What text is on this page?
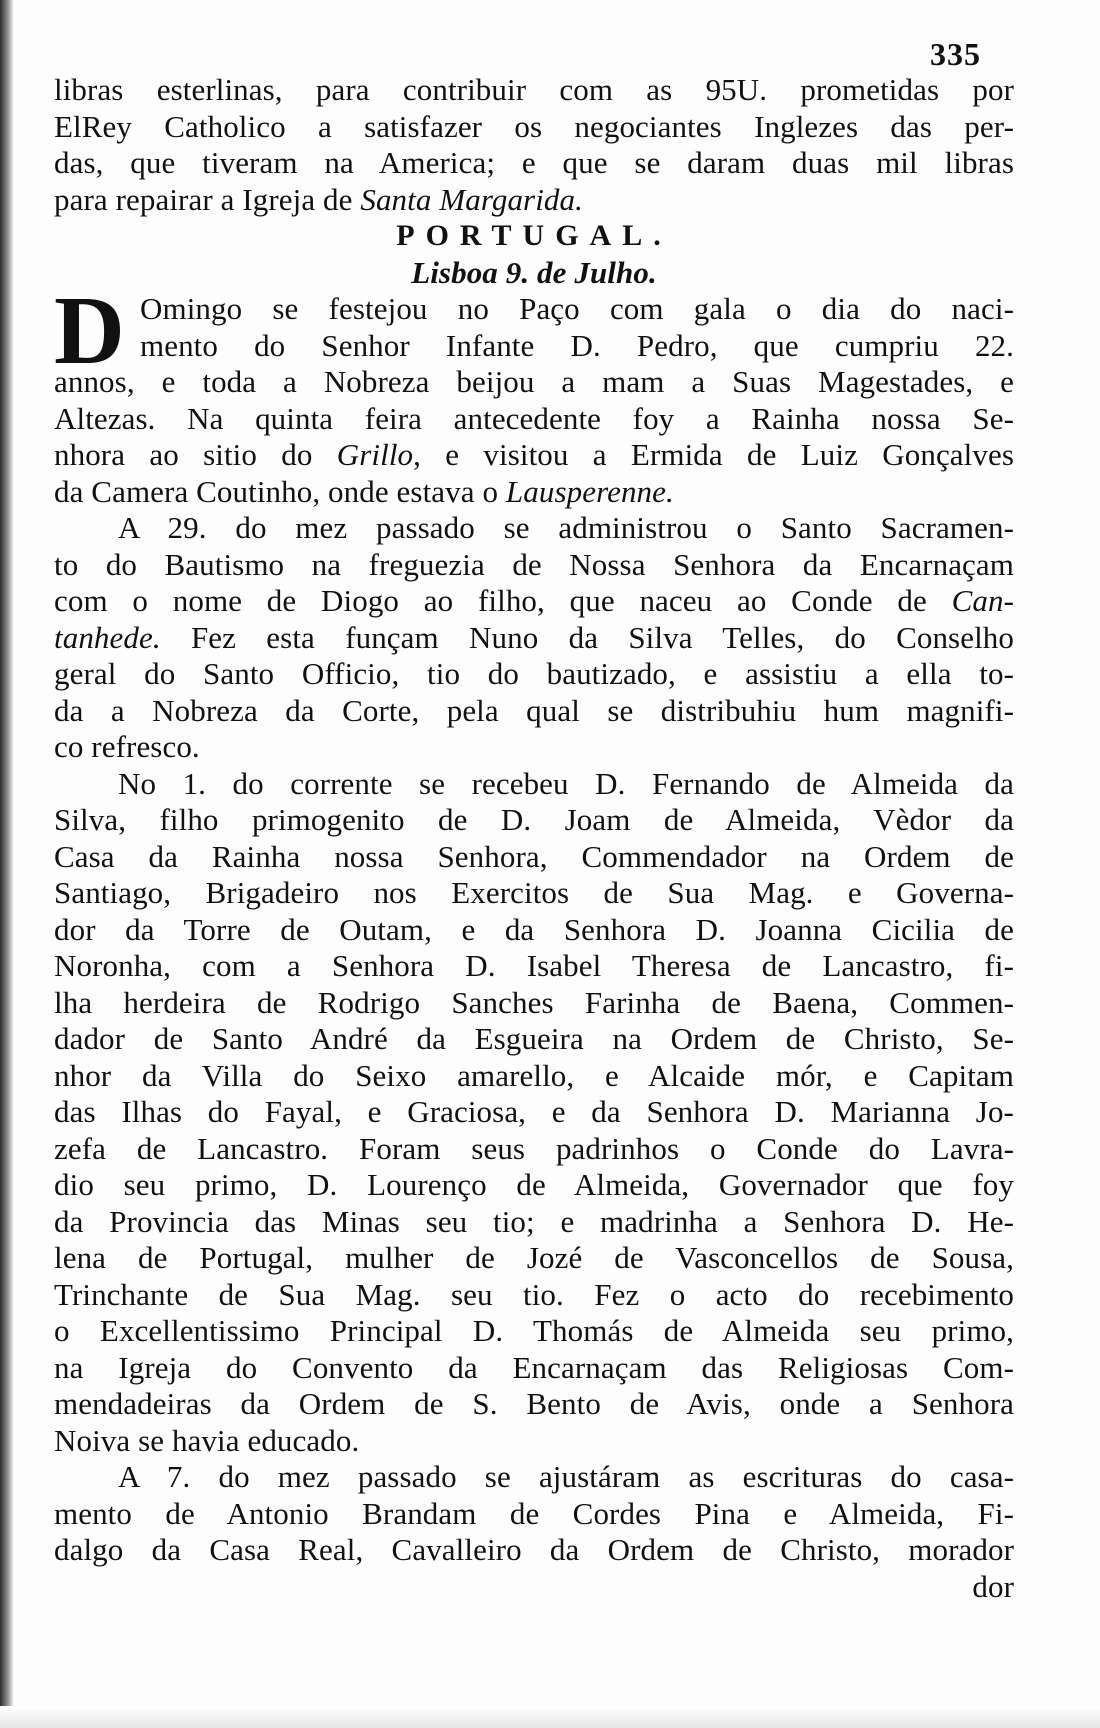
335
libras esterlinas, para contribuir com as 95U. prometidas por
ElRey Catholico a satisfazer os negociantes Inglezes das per-
das, que tiveram na America; e que se daram duas mil libras
para repairar a Igreja de Santa Margarida.
PORTUGAL.
Lisboa 9. de Julho.
D Omingo se festejou no Paço com gala o dia do naci-
mento do Senhor Infante D. Pedro, que cumpriu 22.
annos, e toda a Nobreza beijou a mam a Suas Magestades, e
Altezas. Na quinta feira antecedente foy a Rainha nossa Se-
nhora ao sitio do Grillo, e visitou a Ermida de Luiz Gonçalves
da Camera Coutinho, onde estava o Lausperenne.
A 29. do mez passado se administrou o Santo Sacramen-
to do Bautismo na freguezia de Nossa Senhora da Encarnaçam
com o nome de Diogo ao filho, que naceu ao Conde de Can-
tanhede. Fez esta funçam Nuno da Silva Telles, do Conselho
geral do Santo Officio, tio do bautizado, e assistiu a ella to-
da a Nobreza da Corte, pela qual se distribuhiu hum magnifi-
co refresco.
No 1. do corrente se recebeu D. Fernando de Almeida da
Silva, filho primogenito de D. Joam de Almeida, Vèdor da
Casa da Rainha nossa Senhora, Commendador na Ordem de
Santiago, Brigadeiro nos Exercitos de Sua Mag. e Governa-
dor da Torre de Outam, e da Senhora D. Joanna Cicilia de
Noronha, com a Senhora D. Isabel Theresa de Lancastro, fi-
lha herdeira de Rodrigo Sanches Farinha de Baena, Commen-
dador de Santo André da Esgueira na Ordem de Christo, Se-
nhor da Villa do Seixo amarello, e Alcaide mór, e Capitam
das Ilhas do Fayal, e Graciosa, e da Senhora D. Marianna Jo-
zefa de Lancastro. Foram seus padrinhos o Conde do Lavra-
dio seu primo, D. Lourenço de Almeida, Governador que foy
da Provincia das Minas seu tio; e madrinha a Senhora D. He-
lena de Portugal, mulher de Jozé de Vasconcellos de Sousa,
Trinchante de Sua Mag. seu tio. Fez o acto do recebimento
o Excellentissimo Principal D. Thomás de Almeida seu primo,
na Igreja do Convento da Encarnaçam das Religiosas Com-
mendadeiras da Ordem de S. Bento de Avis, onde a Senhora
Noiva se havia educado.
A 7. do mez passado se ajustáram as escrituras do casa-
mento de Antonio Brandam de Cordes Pina e Almeida, Fi-
dalgo da Casa Real, Cavalleiro da Ordem de Christo, morador
dor
